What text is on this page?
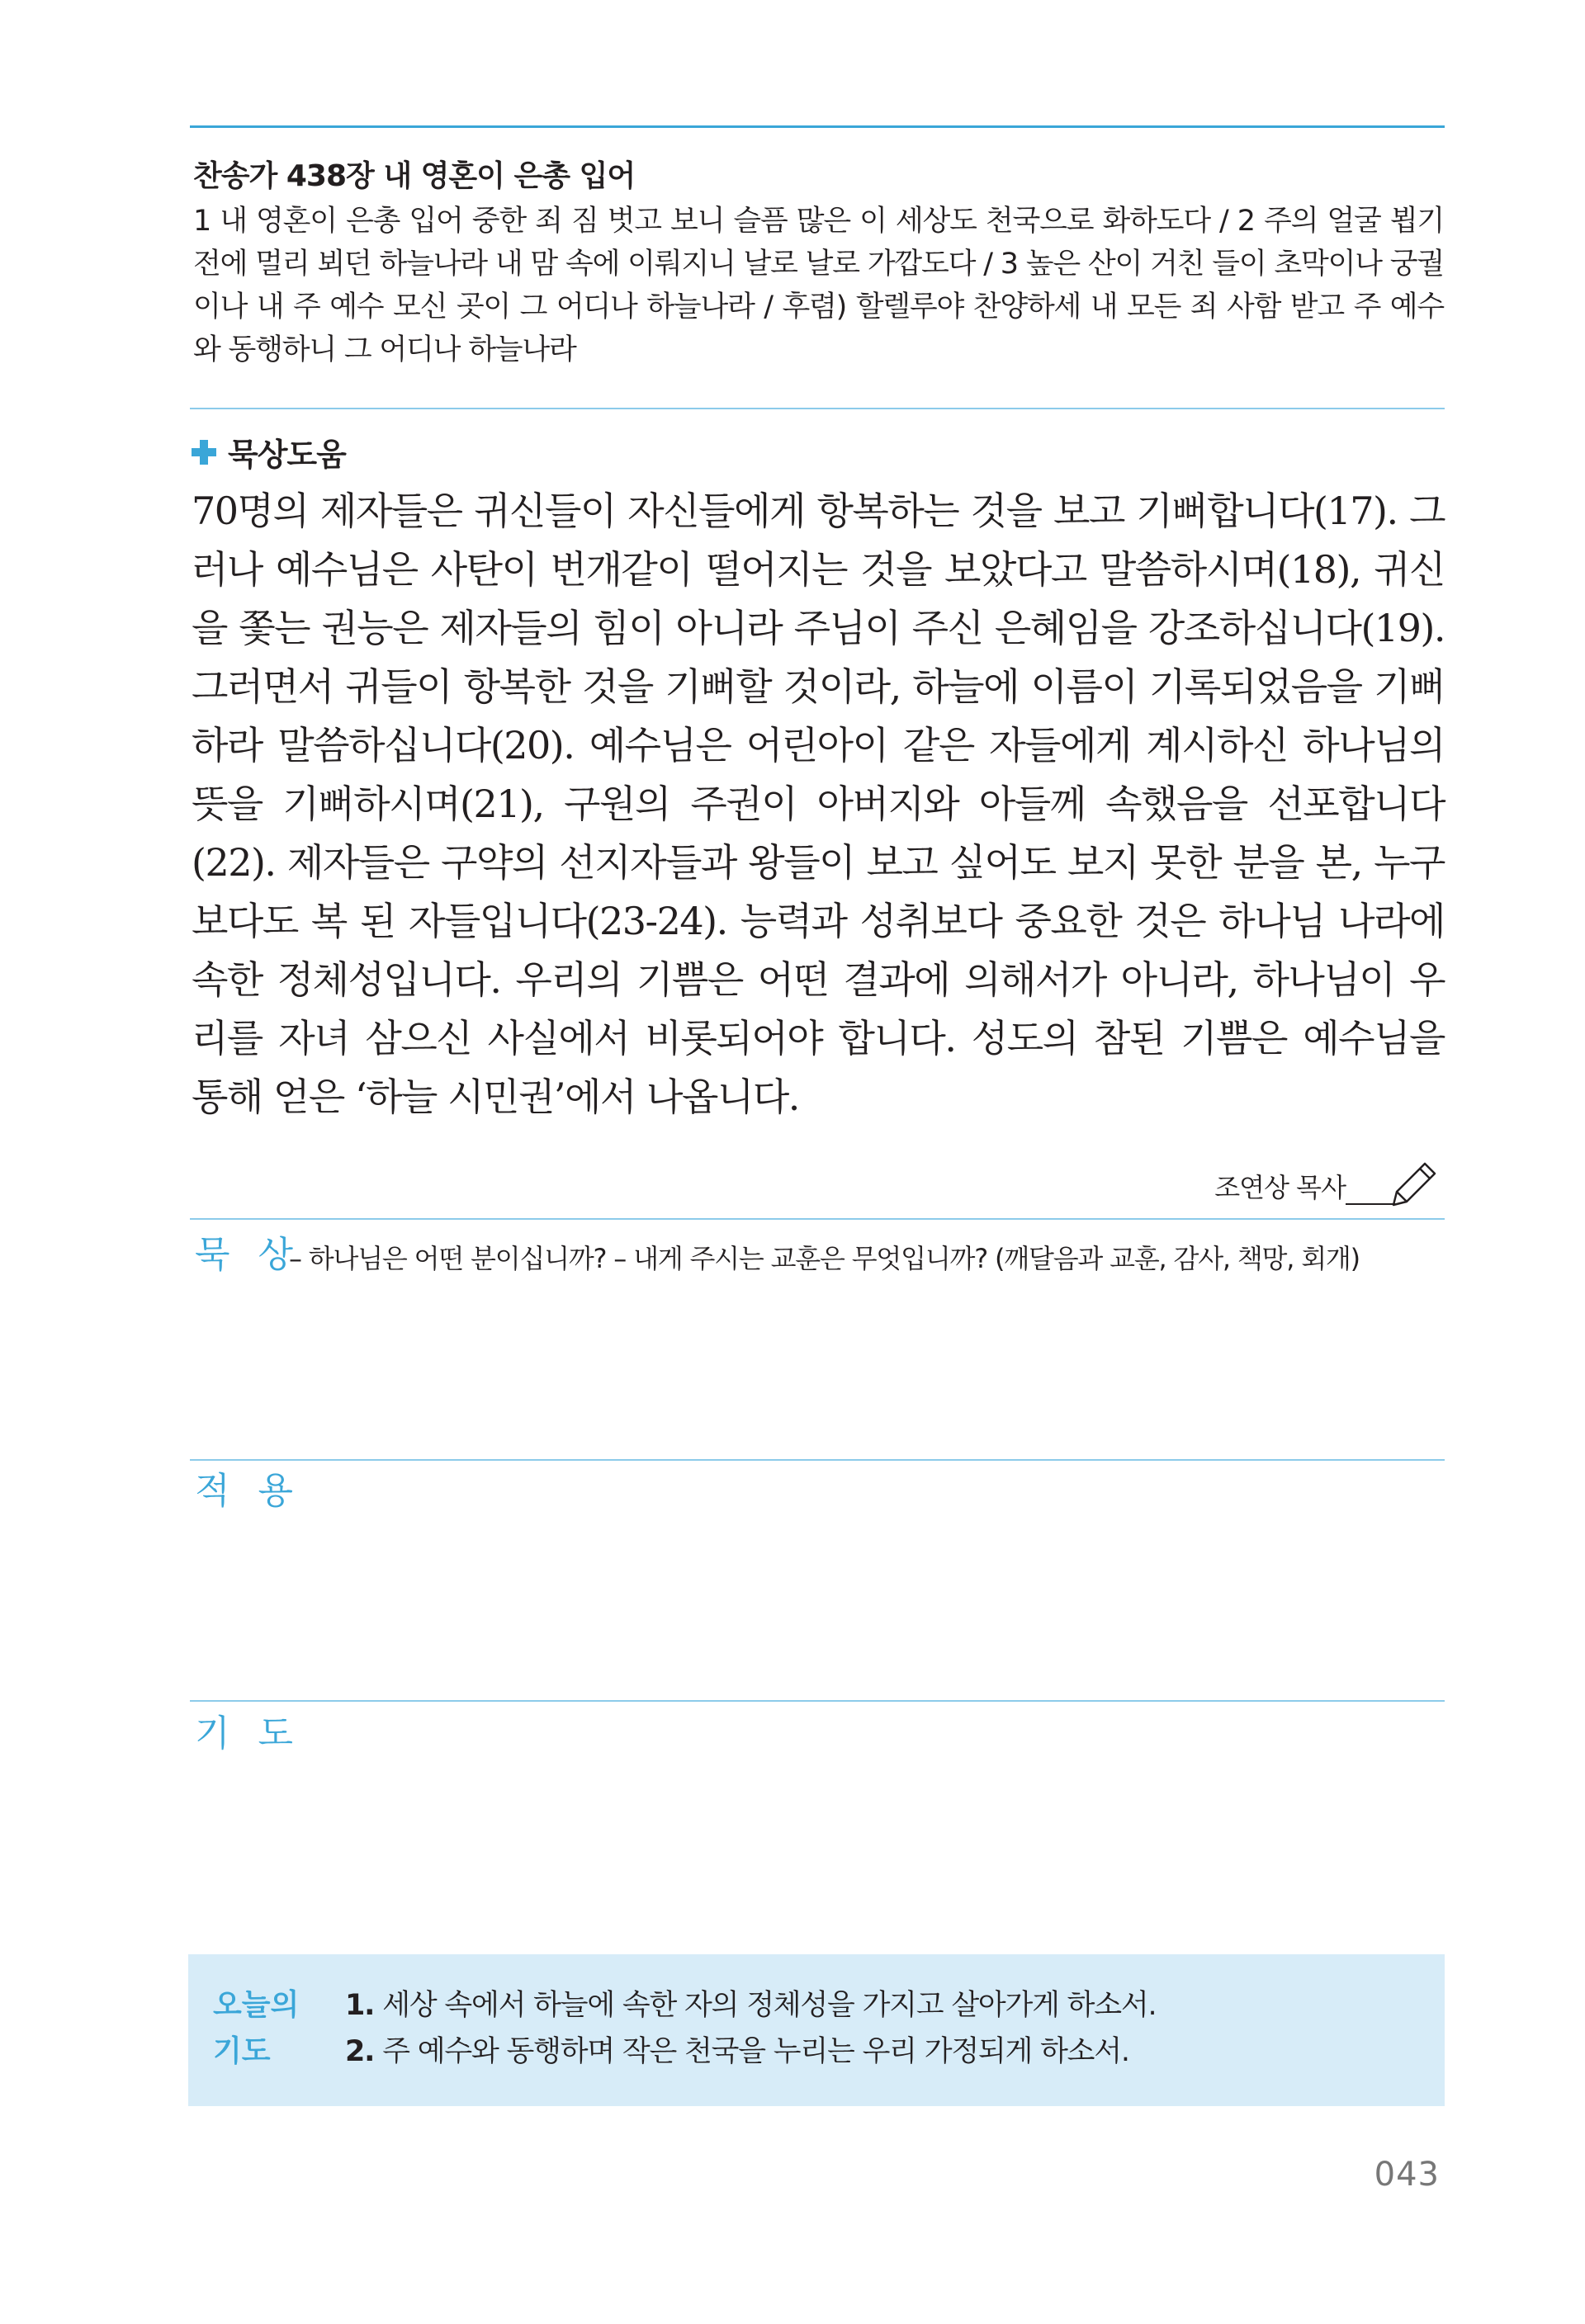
찬송가 438장 내 영혼이 은총 입어
1 내 영혼이 은총 입어 중한 죄 짐 벗고 보니 슬픔 많은 이 세상도 천국으로 화하도다 / 2 주의 얼굴 뵙기 전에 멀리 뵈던 하늘나라 내 맘 속에 이뤄지니 날로 날로 가깝도다 / 3 높은 산이 거친 들이 초막이나 궁궐이나 내 주 예수 모신 곳이 그 어디나 하늘나라 / 후렴) 할렐루야 찬양하세 내 모든 죄 사함 받고 주 예수와 동행하니 그 어디나 하늘나라
묵상도움
70명의 제자들은 귀신들이 자신들에게 항복하는 것을 보고 기뻐합니다(17). 그러나 예수님은 사탄이 번개같이 떨어지는 것을 보았다고 말씀하시며(18), 귀신을 쫓는 권능은 제자들의 힘이 아니라 주님이 주신 은혜임을 강조하십니다(19). 그러면서 귀들이 항복한 것을 기뻐할 것이라, 하늘에 이름이 기록되었음을 기뻐하라 말씀하십니다(20). 예수님은 어린아이 같은 자들에게 계시하신 하나님의 뜻을 기뻐하시며(21), 구원의 주권이 아버지와 아들께 속했음을 선포합니다(22). 제자들은 구약의 선지자들과 왕들이 보고 싶어도 보지 못한 분을 본, 누구보다도 복 된 자들입니다(23-24). 능력과 성취보다 중요한 것은 하나님 나라에 속한 정체성입니다. 우리의 기쁨은 어떤 결과에 의해서가 아니라, 하나님이 우리를 자녀 삼으신 사실에서 비롯되어야 합니다. 성도의 참된 기쁨은 예수님을 통해 얻은 ‘하늘 시민권’에서 나옵니다.
조연상 목사
묵 상
– 하나님은 어떤 분이십니까? – 내게 주시는 교훈은 무엇입니까? (깨달음과 교훈, 감사, 책망, 회개)
적 용
기 도
오늘의
기도
1. 세상 속에서 하늘에 속한 자의 정체성을 가지고 살아가게 하소서.
2. 주 예수와 동행하며 작은 천국을 누리는 우리 가정되게 하소서.
043
